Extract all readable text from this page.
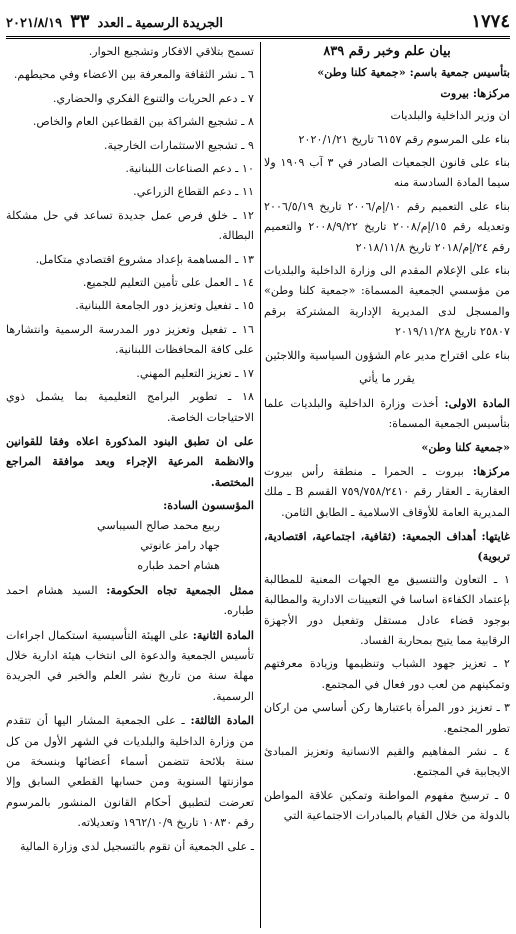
١٧٧٤
الجريدة الرسمية ـ العدد
٣٣
٢٠٢١/٨/١٩

بيان علم وخبر رقم ٨٣٩

بتأسيس جمعية باسم: «جمعية كلنا وطن»

مركزها: بيروت

ان وزير الداخلية والبلديات

بناء على المرسوم رقم ٦١٥٧ تاريخ ٢٠٢٠/١/٢١

بناء على قانون الجمعيات الصادر في ٣ آب ١٩٠٩ ولا سيما المادة السادسة منه

بناء على التعميم رقم ١٠/إم/٢٠٠٦ تاريخ ٢٠٠٦/٥/١٩ وتعديله رقم ١٥/إم/٢٠٠٨ تاريخ ٢٠٠٨/٩/٢٢ والتعميم رقم ٢٤/إم/٢٠١٨ تاريخ ٢٠١٨/١١/٨

بناء على الإعلام المقدم الى وزارة الداخلية والبلديات من مؤسسي الجمعية المسماة: «جمعية كلنا وطن» والمسجل لدى المديرية الإدارية المشتركة برقم ٢٥٨٠٧ تاريخ ٢٠١٩/١١/٢٨

بناء على اقتراح مدير عام الشؤون السياسية واللاجئين

يقرر ما يأتي

المادة الاولى: أخذت وزارة الداخلية والبلديات علما بتأسيس الجمعية المسماة:

«جمعية كلنا وطن»

مركزها: بيروت ـ الحمرا ـ منطقة رأس بيروت العقارية ـ العقار رقم ٧٥٩/٧٥٨/٢٤١٠ القسم B ـ ملك المديرية العامة للأوقاف الاسلامية ـ الطابق الثامن.

غايتها: أهداف الجمعية: (ثقافية، اجتماعية، اقتصادية، تربوية)

١ ـ التعاون والتنسيق مع الجهات المعنية للمطالبة بإعتماد الكفاءة اساسا في التعيينات الادارية والمطالبة بوجود قضاء عادل مستقل وتفعيل دور الأجهزة الرقابية مما يتيح بمحاربة الفساد.

٢ ـ تعزيز جهود الشباب وتنظيمها وزيادة معرفتهم وتمكينهم من لعب دور فعال في المجتمع.

٣ ـ تعزيز دور المرأة باعتبارها ركن أساسي من اركان تطور المجتمع.

٤ ـ نشر المفاهيم والقيم الانسانية وتعزيز المبادئ الايجابية في المجتمع.

٥ ـ ترسيخ مفهوم المواطنة وتمكين علاقة المواطن بالدولة من خلال القيام بالمبادرات الاجتماعية التي

تسمح بتلاقي الافكار وتشجيع الحوار.

٦ ـ نشر الثقافة والمعرفة بين الاعضاء وفي محيطهم.

٧ ـ دعم الحريات والتنوع الفكري والحضاري.

٨ ـ تشجيع الشراكة بين القطاعين العام والخاص.

٩ ـ تشجيع الاستثمارات الخارجية.

١٠ ـ دعم الصناعات اللبنانية.

١١ ـ دعم القطاع الزراعي.

١٢ ـ خلق فرص عمل جديدة تساعد في حل مشكلة البطالة.

١٣ ـ المساهمة بإعداد مشروع اقتصادي متكامل.

١٤ ـ العمل على تأمين التعليم للجميع.

١٥ ـ تفعيل وتعزيز دور الجامعة اللبنانية.

١٦ ـ تفعيل وتعزيز دور المدرسة الرسمية وانتشارها على كافة المحافظات اللبنانية.

١٧ ـ تعزيز التعليم المهني.

١٨ ـ تطوير البرامج التعليمية بما يشمل ذوي الاحتياجات الخاصة.

على ان تطبق البنود المذكورة اعلاه وفقا للقوانين والانظمة المرعية الإجراء وبعد موافقة المراجع المختصة.

المؤسسون السادة:

ربيع محمد صالح السيباسي

جهاد رامز عانوتي

هشام احمد طباره

ممثل الجمعية تجاه الحكومة: السيد هشام احمد طباره.

المادة الثانية: على الهيئة التأسيسية استكمال اجراءات تأسيس الجمعية والدعوة الى انتخاب هيئة ادارية خلال مهلة سنة من تاريخ نشر العلم والخبر في الجريدة الرسمية.

المادة الثالثة: ـ على الجمعية المشار اليها أن تتقدم من وزارة الداخلية والبلديات في الشهر الأول من كل سنة بلائحة تتضمن أسماء أعضائها وبنسخة من موازنتها السنوية ومن حسابها القطعي السابق وإلا تعرضت لتطبيق أحكام القانون المنشور بالمرسوم رقم ١٠٨٣٠ تاريخ ١٩٦٢/١٠/٩ وتعديلاته.

ـ على الجمعية أن تقوم بالتسجيل لدى وزارة المالية
